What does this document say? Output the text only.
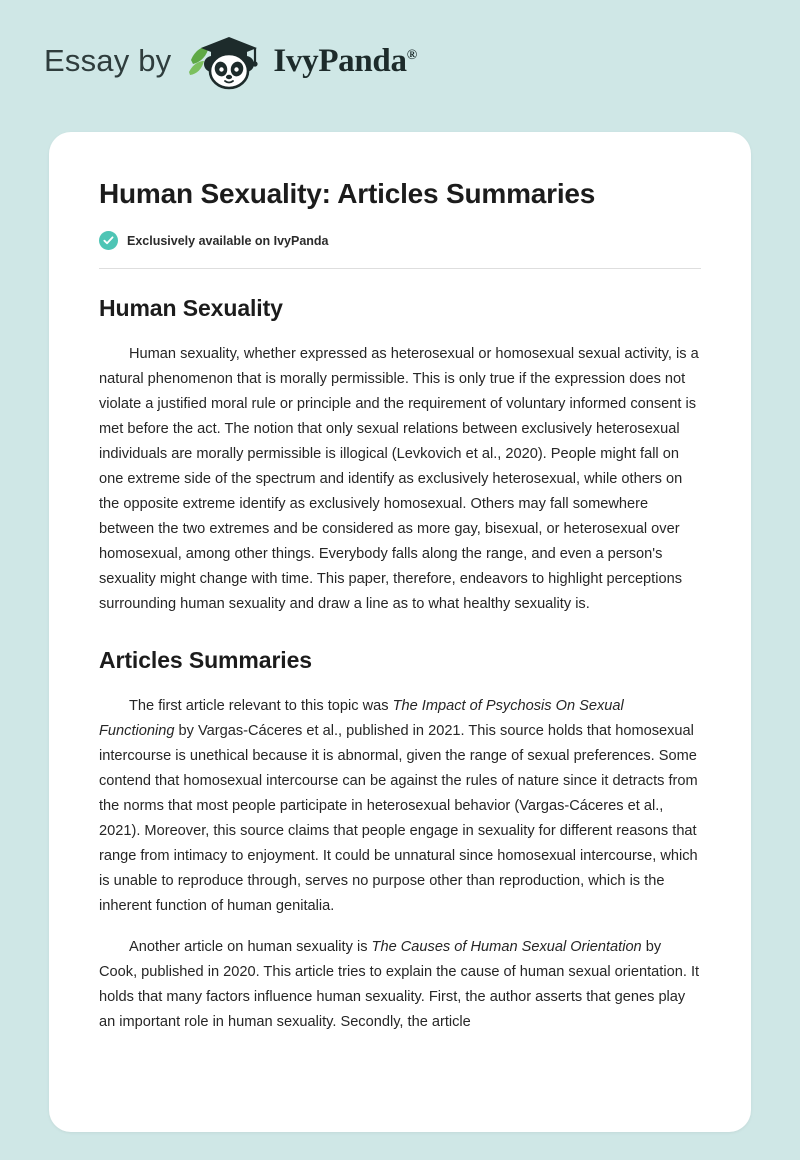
Essay by	IvyPanda®
Human Sexuality: Articles Summaries
Exclusively available on IvyPanda
Human Sexuality

Human sexuality, whether expressed as heterosexual or homosexual sexual activity, is a natural phenomenon that is morally permissible. This is only true if the expression does not violate a justified moral rule or principle and the requirement of voluntary informed consent is met before the act. The notion that only sexual relations between exclusively heterosexual individuals are morally permissible is illogical (Levkovich et al., 2020). People might fall on one extreme side of the spectrum and identify as exclusively heterosexual, while others on the opposite extreme identify as exclusively homosexual. Others may fall somewhere between the two extremes and be considered as more gay, bisexual, or heterosexual over homosexual, among other things. Everybody falls along the range, and even a person's sexuality might change with time. This paper, therefore, endeavors to highlight perceptions surrounding human sexuality and draw a line as to what healthy sexuality is.

Articles Summaries

The first article relevant to this topic was The Impact of Psychosis On Sexual Functioning by Vargas-Cáceres et al., published in 2021. This source holds that homosexual intercourse is unethical because it is abnormal, given the range of sexual preferences. Some contend that homosexual intercourse can be against the rules of nature since it detracts from the norms that most people participate in heterosexual behavior (Vargas-Cáceres et al., 2021). Moreover, this source claims that people engage in sexuality for different reasons that range from intimacy to enjoyment. It could be unnatural since homosexual intercourse, which is unable to reproduce through, serves no purpose other than reproduction, which is the inherent function of human genitalia.

Another article on human sexuality is The Causes of Human Sexual Orientation by Cook, published in 2020. This article tries to explain the cause of human sexual orientation. It holds that many factors influence human sexuality. First, the author asserts that genes play an important role in human sexuality. Secondly, the article
